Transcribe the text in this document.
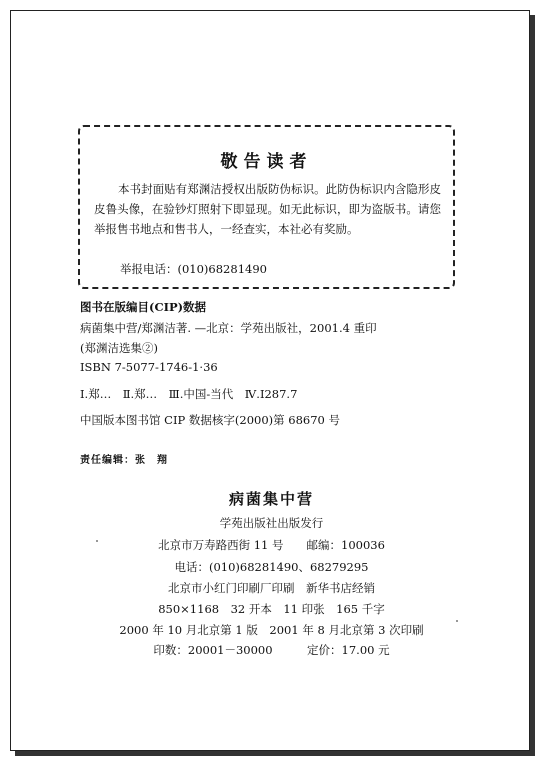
敬告读者
本书封面贴有郑渊洁授权出版防伪标识。此防伪标识内含隐形皮皮鲁头像，在验钞灯照射下即显现。如无此标识，即为盗版书。请您举报售书地点和售书人，一经查实，本社必有奖励。
举报电话：(010)68281490
图书在版编目(CIP)数据
病菌集中营/郑渊洁著. —北京：学苑出版社，2001.4 重印
(郑渊洁选集②)
ISBN 7-5077-1746-1·36
Ⅰ.郑…　Ⅱ.郑…　Ⅲ.中国-当代　Ⅳ.I287.7
中国版本图书馆 CIP 数据核字(2000)第 68670 号
责任编辑：张　翔
病菌集中营
学苑出版社出版发行
北京市万寿路西街 11 号　　邮编：100036
电话：(010)68281490、68279295
北京市小红门印刷厂印刷　新华书店经销
850×1168　32 开本　11 印张　165 千字
2000 年 10 月北京第 1 版　2001 年 8 月北京第 3 次印刷
印数：20001－30000　　　定价：17.00 元
